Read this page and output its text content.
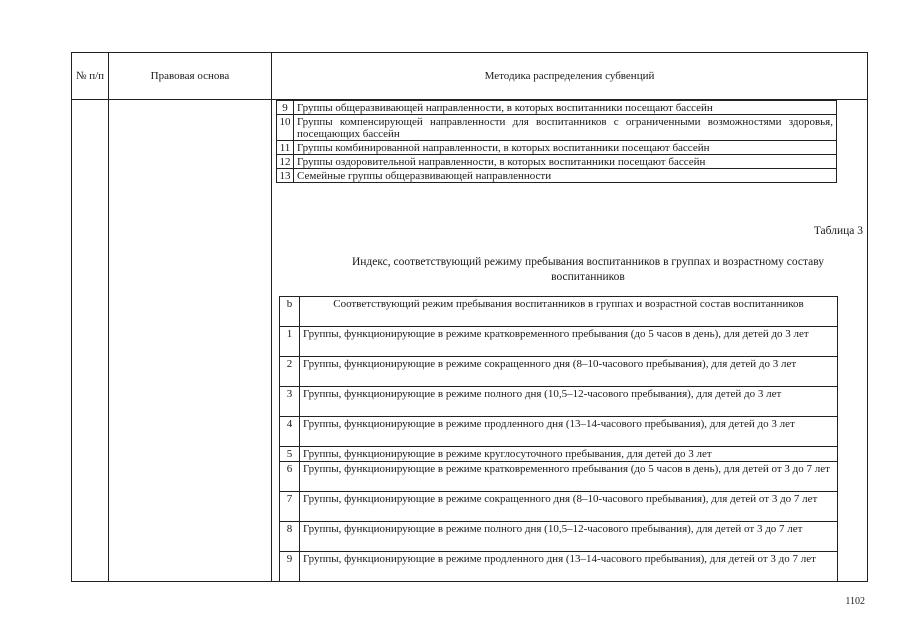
№ п/п	Правовая основа	Методика распределения субвенций
9	Группы общеразвивающей направленности, в которых воспитанники посещают бассейн
10	Группы компенсирующей направленности для воспитанников с ограниченными возможностями здоровья, посещающих бассейн
11	Группы комбинированной направленности, в которых воспитанники посещают бассейн
12	Группы оздоровительной направленности, в которых воспитанники посещают бассейн
13	Семейные группы общеразвивающей направленности
Таблица 3
Индекс, соответствующий режиму пребывания воспитанников в группах и возрастному составу воспитанников
b	Соответствующий режим пребывания воспитанников в группах и возрастной состав воспитанников
1	Группы, функционирующие в режиме кратковременного пребывания (до 5 часов в день), для детей до 3 лет
2	Группы, функционирующие в режиме сокращенного дня (8–10-часового пребывания), для детей до 3 лет
3	Группы, функционирующие в режиме полного дня (10,5–12-часового пребывания), для детей до 3 лет
4	Группы, функционирующие в режиме продленного дня (13–14-часового пребывания), для детей до 3 лет
5	Группы, функционирующие в режиме круглосуточного пребывания, для детей до 3 лет
6	Группы, функционирующие в режиме кратковременного пребывания (до 5 часов в день), для детей от 3 до 7 лет
7	Группы, функционирующие в режиме сокращенного дня (8–10-часового пребывания), для детей от 3 до 7 лет
8	Группы, функционирующие в режиме полного дня (10,5–12-часового пребывания), для детей от 3 до 7 лет
9	Группы, функционирующие в режиме продленного дня (13–14-часового пребывания), для детей от 3 до 7 лет
1102
